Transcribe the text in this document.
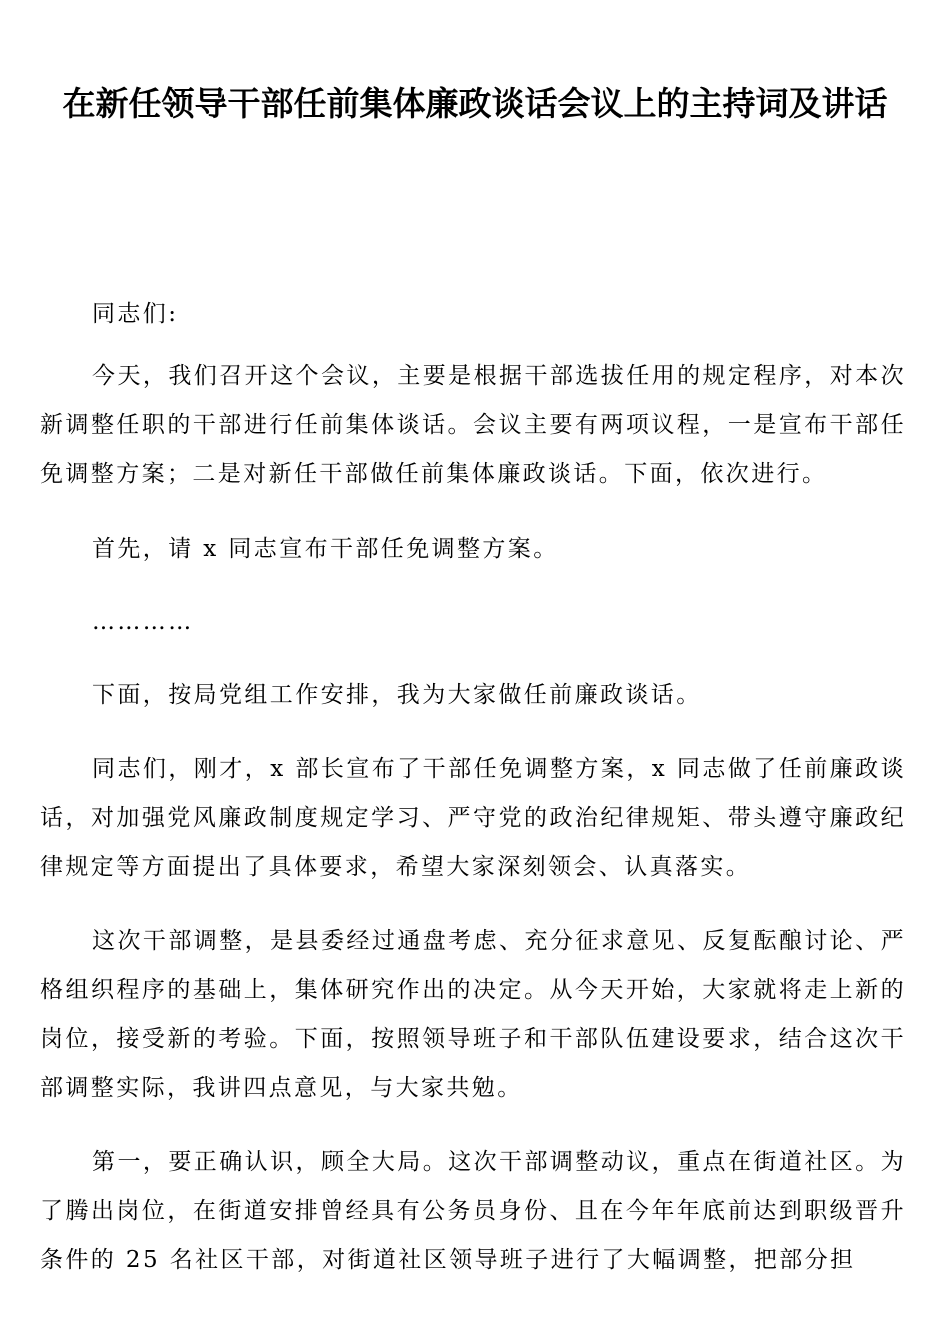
在新任领导干部任前集体廉政谈话会议上的主持词及讲话

同志们:

今天，我们召开这个会议，主要是根据干部选拔任用的规定程序，对本次新调整任职的干部进行任前集体谈话。会议主要有两项议程，一是宣布干部任免调整方案；二是对新任干部做任前集体廉政谈话。下面，依次进行。

首先，请 x 同志宣布干部任免调整方案。

…………

下面，按局党组工作安排，我为大家做任前廉政谈话。

同志们，刚才，x 部长宣布了干部任免调整方案，x 同志做了任前廉政谈话，对加强党风廉政制度规定学习、严守党的政治纪律规矩、带头遵守廉政纪律规定等方面提出了具体要求，希望大家深刻领会、认真落实。

这次干部调整，是县委经过通盘考虑、充分征求意见、反复酝酿讨论、严格组织程序的基础上，集体研究作出的决定。从今天开始，大家就将走上新的岗位，接受新的考验。下面，按照领导班子和干部队伍建设要求，结合这次干部调整实际，我讲四点意见，与大家共勉。

第一，要正确认识，顾全大局。这次干部调整动议，重点在街道社区。为了腾出岗位，在街道安排曾经具有公务员身份、且在今年年底前达到职级晋升条件的 25 名社区干部，对街道社区领导班子进行了大幅调整，把部分担
